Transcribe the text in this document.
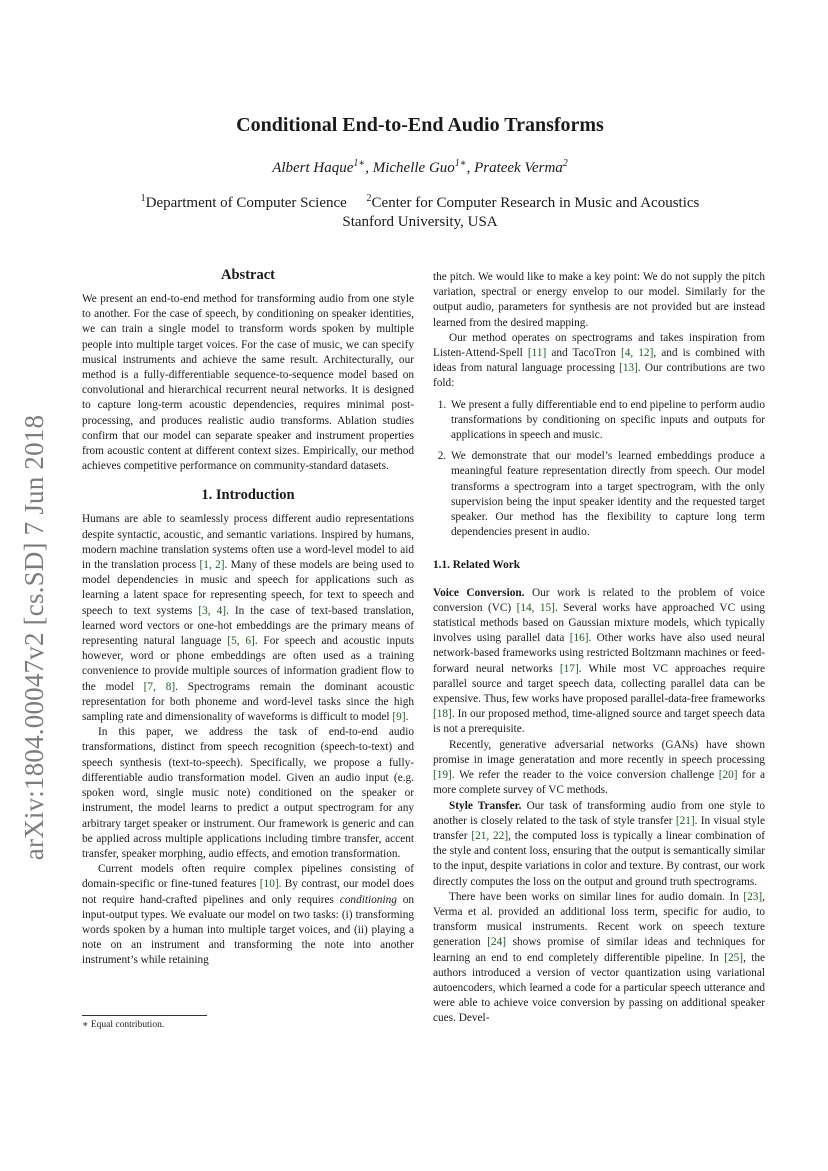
arXiv:1804.00047v2 [cs.SD] 7 Jun 2018
Conditional End-to-End Audio Transforms
Albert Haque$^{1∗}$, Michelle Guo$^{1∗}$, Prateek Verma$^2$
$^1$Department of Computer Science $^2$Center for Computer Research in Music and Acoustics
Stanford University, USA
Abstract

We present an end-to-end method for transforming audio from one style to another. For the case of speech, by conditioning on speaker identities, we can train a single model to transform words spoken by multiple people into multiple target voices. For the case of music, we can specify musical instruments and achieve the same result. Architecturally, our method is a fully-differentiable sequence-to-sequence model based on convolutional and hierarchical recurrent neural networks. It is designed to capture long-term acoustic dependencies, requires minimal post-processing, and produces realistic audio transforms. Ablation studies confirm that our model can separate speaker and instrument properties from acoustic content at different context sizes. Empirically, our method achieves competitive performance on community-standard datasets.

1. Introduction

Humans are able to seamlessly process different audio representations despite syntactic, acoustic, and semantic variations. Inspired by humans, modern machine translation systems often use a word-level model to aid in the translation process [1, 2]. Many of these models are being used to model dependencies in music and speech for applications such as learning a latent space for representing speech, for text to speech and speech to text systems [3, 4]. In the case of text-based translation, learned word vectors or one-hot embeddings are the primary means of representing natural language [5, 6]. For speech and acoustic inputs however, word or phone embeddings are often used as a training convenience to provide multiple sources of information gradient flow to the model [7, 8]. Spectrograms remain the dominant acoustic representation for both phoneme and word-level tasks since the high sampling rate and dimensionality of waveforms is difficult to model [9].

In this paper, we address the task of end-to-end audio transformations, distinct from speech recognition (speech-to-text) and speech synthesis (text-to-speech). Specifically, we propose a fully-differentiable audio transformation model. Given an audio input (e.g. spoken word, single music note) conditioned on the speaker or instrument, the model learns to predict a output spectrogram for any arbitrary target speaker or instrument. Our framework is generic and can be applied across multiple applications including timbre transfer, accent transfer, speaker morphing, audio effects, and emotion transformation.

Current models often require complex pipelines consisting of domain-specific or fine-tuned features [10]. By contrast, our model does not require hand-crafted pipelines and only requires conditioning on input-output types. We evaluate our model on two tasks: (i) transforming words spoken by a human into multiple target voices, and (ii) playing a note on an instrument and transforming the note into another instrument’s while retaining

the pitch. We would like to make a key point: We do not supply the pitch variation, spectral or energy envelop to our model. Similarly for the output audio, parameters for synthesis are not provided but are instead learned from the desired mapping.

Our method operates on spectrograms and takes inspiration from Listen-Attend-Spell [11] and TacoTron [4, 12], and is combined with ideas from natural language processing [13]. Our contributions are two fold:

1. We present a fully differentiable end to end pipeline to perform audio transformations by conditioning on specific inputs and outputs for applications in speech and music.
2. We demonstrate that our model’s learned embeddings produce a meaningful feature representation directly from speech. Our model transforms a spectrogram into a target spectrogram, with the only supervision being the input speaker identity and the requested target speaker. Our method has the flexibility to capture long term dependencies present in audio.
1.1. Related Work

Voice Conversion. Our work is related to the problem of voice conversion (VC) [14, 15]. Several works have approached VC using statistical methods based on Gaussian mixture models, which typically involves using parallel data [16]. Other works have also used neural network-based frameworks using restricted Boltzmann machines or feed-forward neural networks [17]. While most VC approaches require parallel source and target speech data, collecting parallel data can be expensive. Thus, few works have proposed parallel-data-free frameworks [18]. In our proposed method, time-aligned source and target speech data is not a prerequisite.

Recently, generative adversarial networks (GANs) have shown promise in image generatation and more recently in speech processing [19]. We refer the reader to the voice conversion challenge [20] for a more complete survey of VC methods.

Style Transfer. Our task of transforming audio from one style to another is closely related to the task of style transfer [21]. In visual style transfer [21, 22], the computed loss is typically a linear combination of the style and content loss, ensuring that the output is semantically similar to the input, despite variations in color and texture. By contrast, our work directly computes the loss on the output and ground truth spectrograms.

There have been works on similar lines for audio domain. In [23], Verma et al. provided an additional loss term, specific for audio, to transform musical instruments. Recent work on speech texture generation [24] shows promise of similar ideas and techniques for learning an end to end completely differentible pipeline. In [25], the authors introduced a version of vector quantization using variational autoencoders, which learned a code for a particular speech utterance and were able to achieve voice conversion by passing on additional speaker cues. Devel-

∗ Equal contribution.
